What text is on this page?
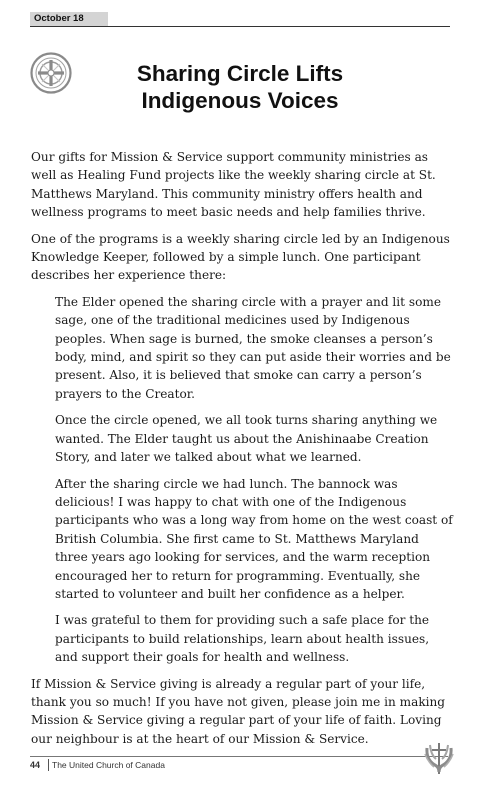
October 18
Sharing Circle Lifts Indigenous Voices

Our gifts for Mission & Service support community ministries as well as Healing Fund projects like the weekly sharing circle at St. Matthews Maryland. This community ministry offers health and wellness programs to meet basic needs and help families thrive.

One of the programs is a weekly sharing circle led by an Indigenous Knowledge Keeper, followed by a simple lunch. One participant describes her experience there:

The Elder opened the sharing circle with a prayer and lit some sage, one of the traditional medicines used by Indigenous peoples. When sage is burned, the smoke cleanses a person’s body, mind, and spirit so they can put aside their worries and be present. Also, it is believed that smoke can carry a person’s prayers to the Creator.

Once the circle opened, we all took turns sharing anything we wanted. The Elder taught us about the Anishinaabe Creation Story, and later we talked about what we learned.

After the sharing circle we had lunch. The bannock was delicious! I was happy to chat with one of the Indigenous participants who was a long way from home on the west coast of British Columbia. She first came to St. Matthews Maryland three years ago looking for services, and the warm reception encouraged her to return for programming. Eventually, she started to volunteer and built her confidence as a helper.

I was grateful to them for providing such a safe place for the participants to build relationships, learn about health issues, and support their goals for health and wellness.

If Mission & Service giving is already a regular part of your life, thank you so much! If you have not given, please join me in making Mission & Service giving a regular part of your life of faith. Loving our neighbour is at the heart of our Mission & Service.

44 The United Church of Canada
